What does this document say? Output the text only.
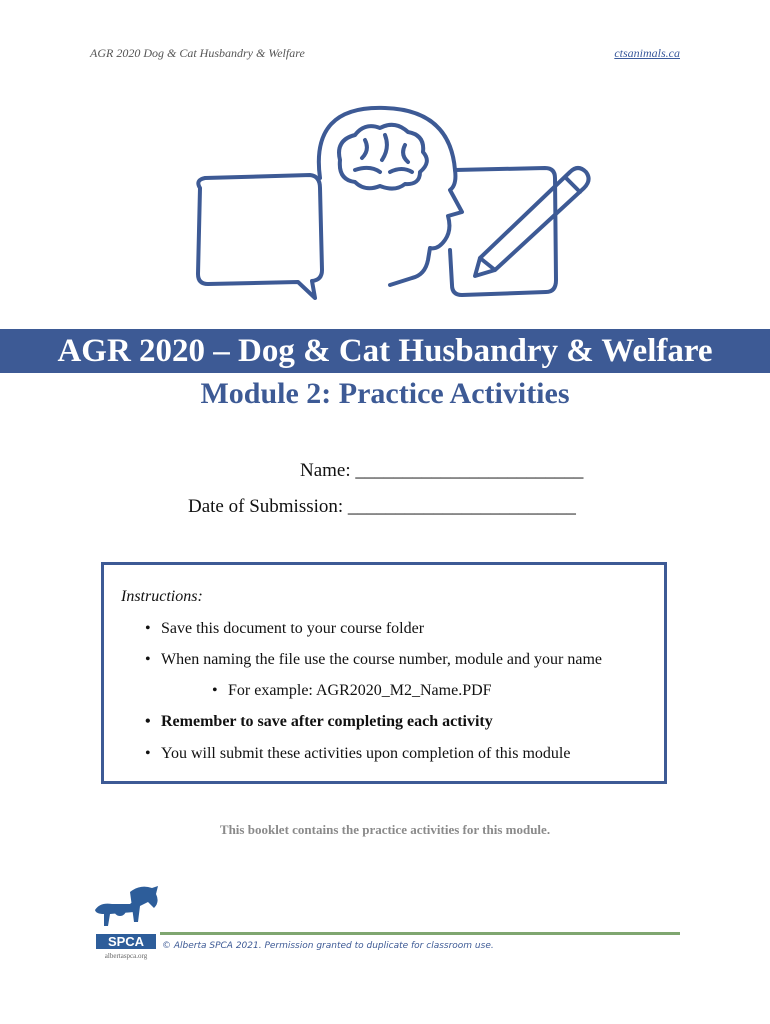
AGR 2020 Dog & Cat Husbandry & Welfare	ctsanimals.ca
AGR 2020 – Dog & Cat Husbandry & Welfare
Module 2: Practice Activities
Name: ________________________
Date of Submission: ________________________
Instructions:
• Save this document to your course folder
• When naming the file use the course number, module and your name
• For example: AGR2020_M2_Name.PDF
• Remember to save after completing each activity
• You will submit these activities upon completion of this module
This booklet contains the practice activities for this module.
SPCA
albertaspca.org
© Alberta SPCA 2021. Permission granted to duplicate for classroom use.
